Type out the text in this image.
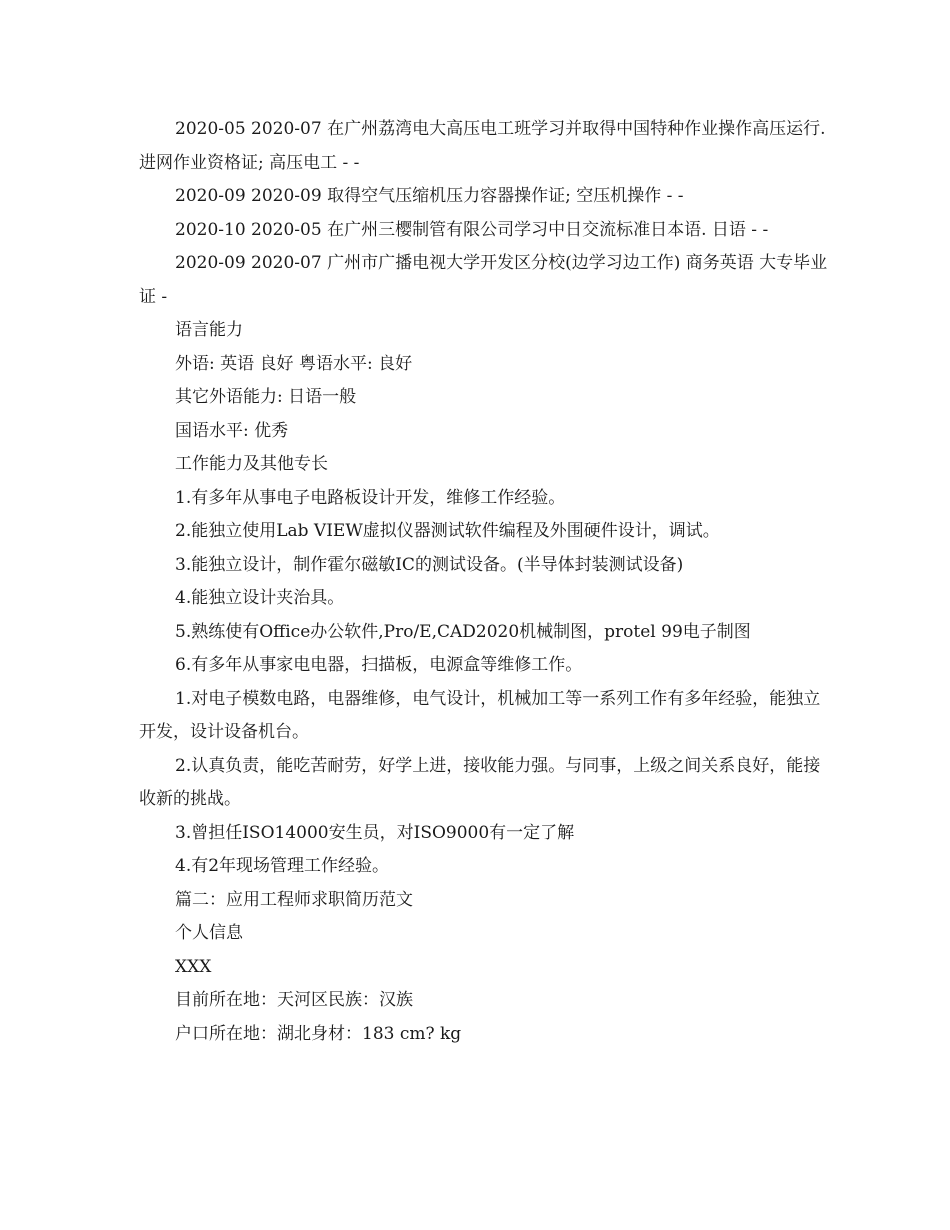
2020-05 2020-07 在广州荔湾电大高压电工班学习并取得中国特种作业操作高压运行.进网作业资格证; 高压电工 - -

2020-09 2020-09 取得空气压缩机压力容器操作证; 空压机操作 - -

2020-10 2020-05 在广州三樱制管有限公司学习中日交流标准日本语. 日语 - -

2020-09 2020-07 广州市广播电视大学开发区分校(边学习边工作) 商务英语 大专毕业证 -

语言能力

外语: 英语 良好 粤语水平: 良好

其它外语能力: 日语一般

国语水平: 优秀

工作能力及其他专长

1.有多年从事电子电路板设计开发，维修工作经验。

2.能独立使用Lab VIEW虚拟仪器测试软件编程及外围硬件设计，调试。

3.能独立设计，制作霍尔磁敏IC的测试设备。(半导体封装测试设备)

4.能独立设计夹治具。

5.熟练使有Office办公软件,Pro/E,CAD2020机械制图，protel 99电子制图

6.有多年从事家电电器，扫描板，电源盒等维修工作。

1.对电子模数电路，电器维修，电气设计，机械加工等一系列工作有多年经验，能独立开发，设计设备机台。

2.认真负责，能吃苦耐劳，好学上进，接收能力强。与同事，上级之间关系良好，能接收新的挑战。

3.曾担任ISO14000安生员，对ISO9000有一定了解

4.有2年现场管理工作经验。

篇二：应用工程师求职简历范文

个人信息

XXX

目前所在地：天河区民族：汉族

户口所在地：湖北身材：183 cm? kg
